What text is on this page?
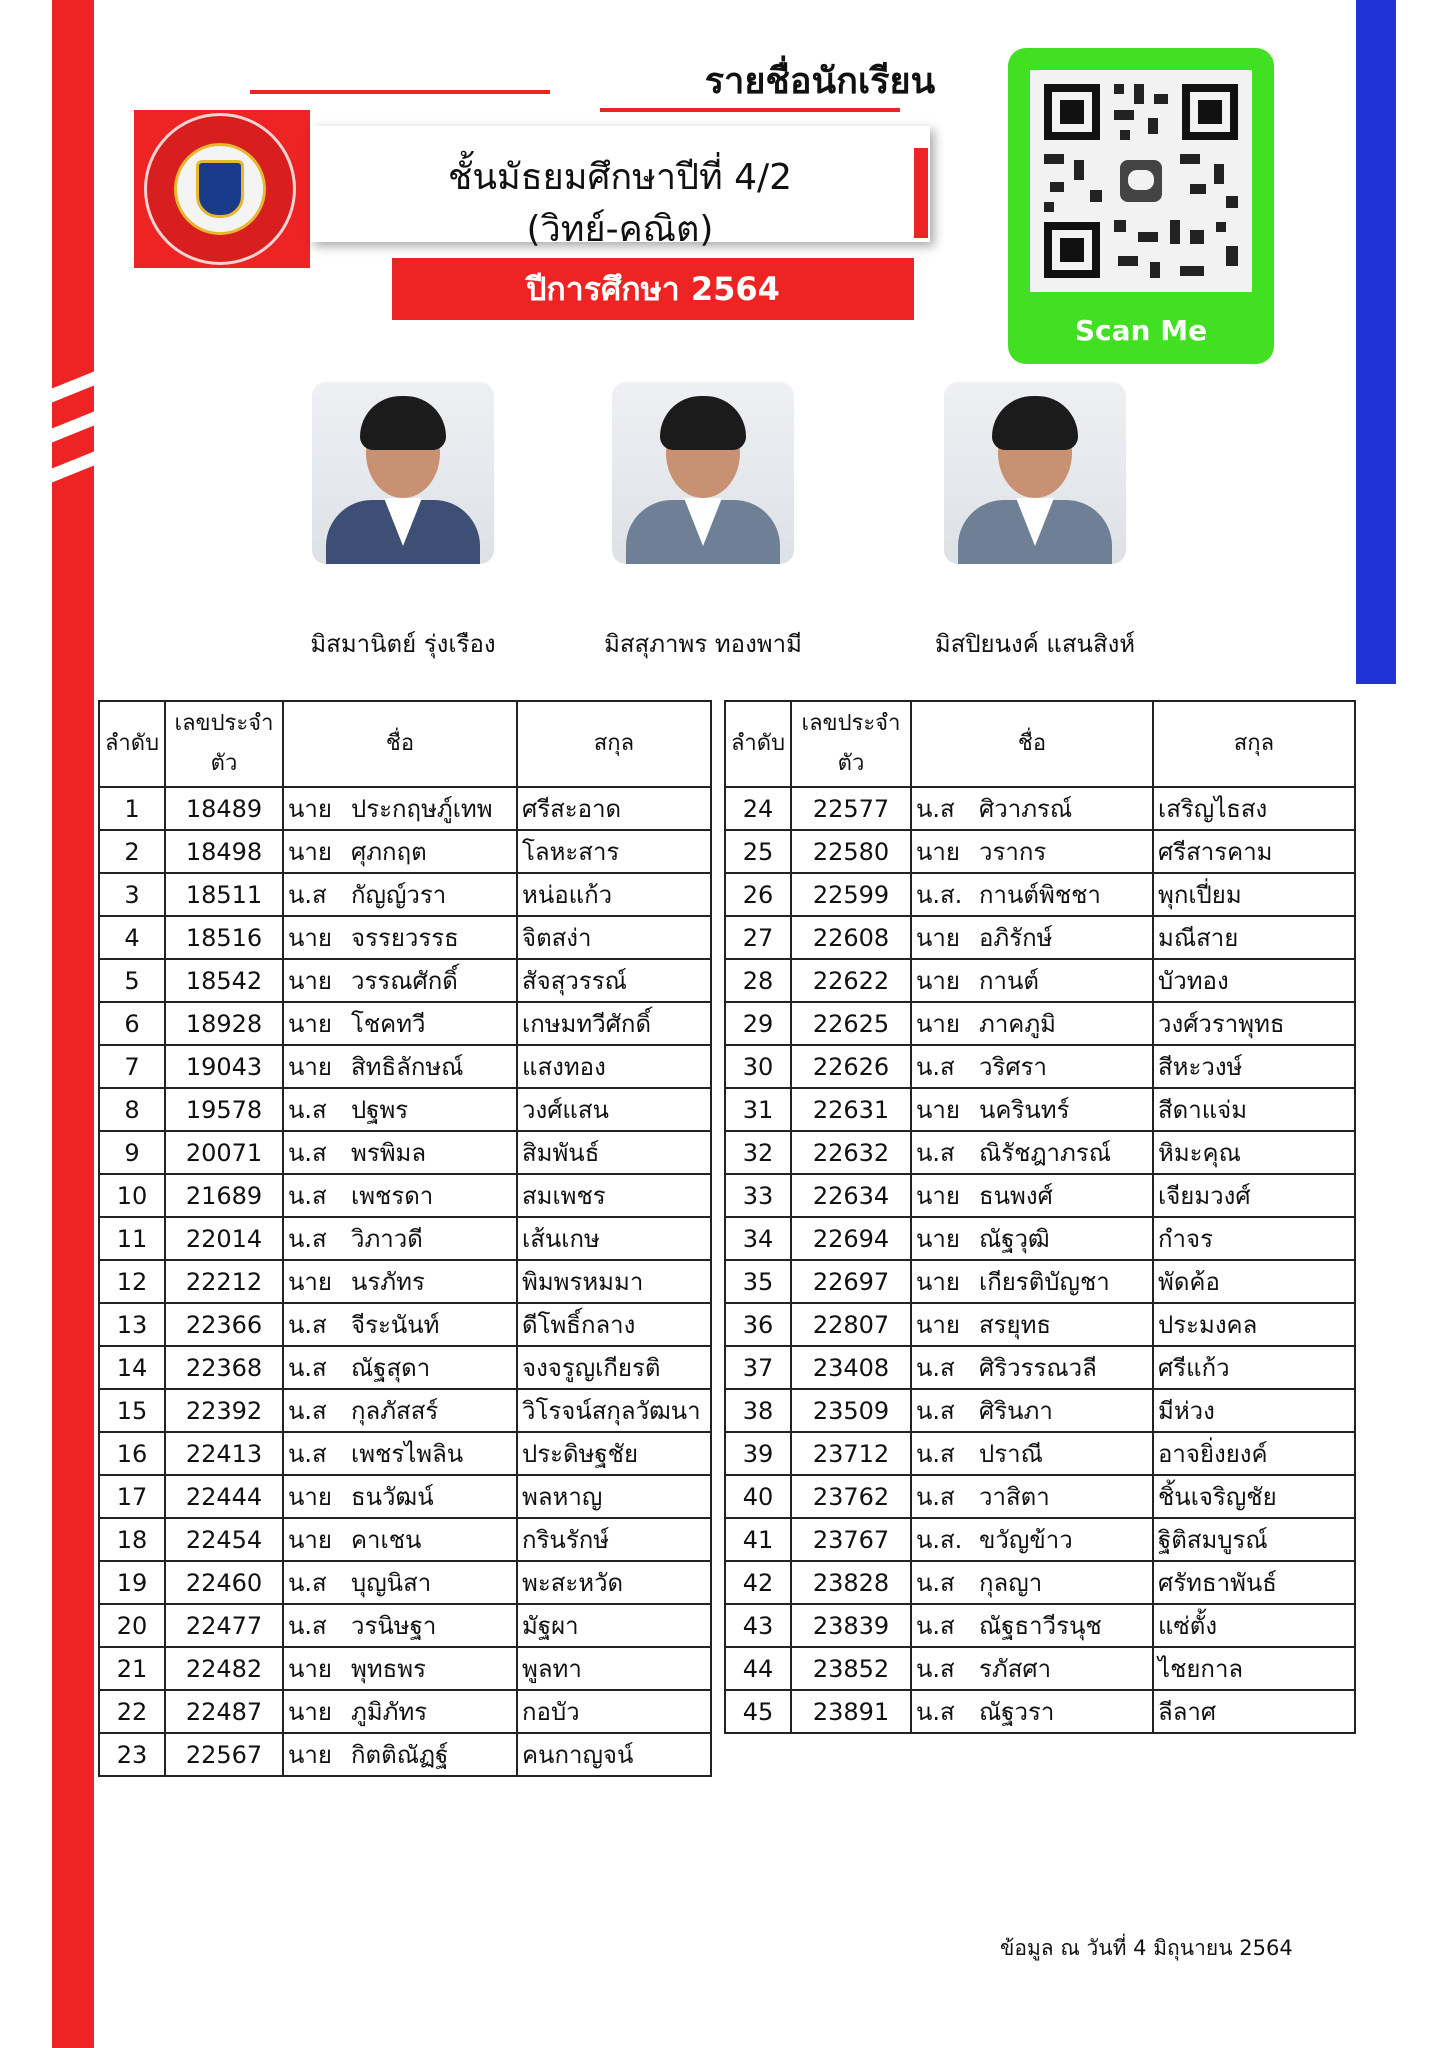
รายชื่อนักเรียน
ชั้นมัธยมศึกษาปีที่ 4/2
(วิทย์-คณิต)
ปีการศึกษา 2564
Scan Me
มิสมานิตย์ รุ่งเรือง	มิสสุภาพร ทองพามี	มิสปิยนงค์ แสนสิงห์
ลำดับ	เลขประจำตัว	ชื่อ		สกุล
1	18489	นาย	ประกฤษภู์เทพ	ศรีสะอาด
2	18498	นาย	ศุภกฤต	โลหะสาร
3	18511	น.ส	กัญญ์วรา	หน่อแก้ว
4	18516	นาย	จรรยวรรธ	จิตสง่า
5	18542	นาย	วรรณศักดิ์	สัจสุวรรณ์
6	18928	นาย	โชคทวี	เกษมทวีศักดิ์
7	19043	นาย	สิทธิลักษณ์	แสงทอง
8	19578	น.ส	ปฐพร	วงศ์แสน
9	20071	น.ส	พรพิมล	สิมพันธ์
10	21689	น.ส	เพชรดา	สมเพชร
11	22014	น.ส	วิภาวดี	เส้นเกษ
12	22212	นาย	นรภัทร	พิมพรหมมา
13	22366	น.ส	จีระนันท์	ดีโพธิ์กลาง
14	22368	น.ส	ณัฐสุดา	จงจรูญเกียรติ
15	22392	น.ส	กุลภัสสร์	วิโรจน์สกุลวัฒนา
16	22413	น.ส	เพชรไพลิน	ประดิษฐชัย
17	22444	นาย	ธนวัฒน์	พลหาญ
18	22454	นาย	คาเชน	กรินรักษ์
19	22460	น.ส	บุญนิสา	พะสะหวัด
20	22477	น.ส	วรนิษฐา	มัฐผา
21	22482	นาย	พุทธพร	พูลทา
22	22487	นาย	ภูมิภัทร	กอบัว
23	22567	นาย	กิตติณัฏฐ์	คนกาญจน์
ลำดับ	เลขประจำตัว	ชื่อ		สกุล
24	22577	น.ส	ศิวาภรณ์	เสริญไธสง
25	22580	นาย	วรากร	ศรีสารคาม
26	22599	น.ส.	กานต์พิชชา	พุกเปี่ยม
27	22608	นาย	อภิรักษ์	มณีสาย
28	22622	นาย	กานต์	บัวทอง
29	22625	นาย	ภาคภูมิ	วงศ์วราพุทธ
30	22626	น.ส	วริศรา	สีหะวงษ์
31	22631	นาย	นครินทร์	สีดาแจ่ม
32	22632	น.ส	ณิรัชฎาภรณ์	หิมะคุณ
33	22634	นาย	ธนพงศ์	เจียมวงศ์
34	22694	นาย	ณัฐวุฒิ	กำจร
35	22697	นาย	เกียรติบัญชา	พัดค้อ
36	22807	นาย	สรยุทธ	ประมงคล
37	23408	น.ส	ศิริวรรณวลี	ศรีแก้ว
38	23509	น.ส	ศิรินภา	มีห่วง
39	23712	น.ส	ปราณี	อาจยิ่งยงค์
40	23762	น.ส	วาสิตา	ชิ้นเจริญชัย
41	23767	น.ส.	ขวัญข้าว	ฐิติสมบูรณ์
42	23828	น.ส	กุลญา	ศรัทธาพันธ์
43	23839	น.ส	ณัฐธาวีรนุช	แซ่ตั้ง
44	23852	น.ส	รภัสศา	ไชยกาล
45	23891	น.ส	ณัฐวรา	ลีลาศ
ข้อมูล ณ วันที่ 4 มิถุนายน 2564
